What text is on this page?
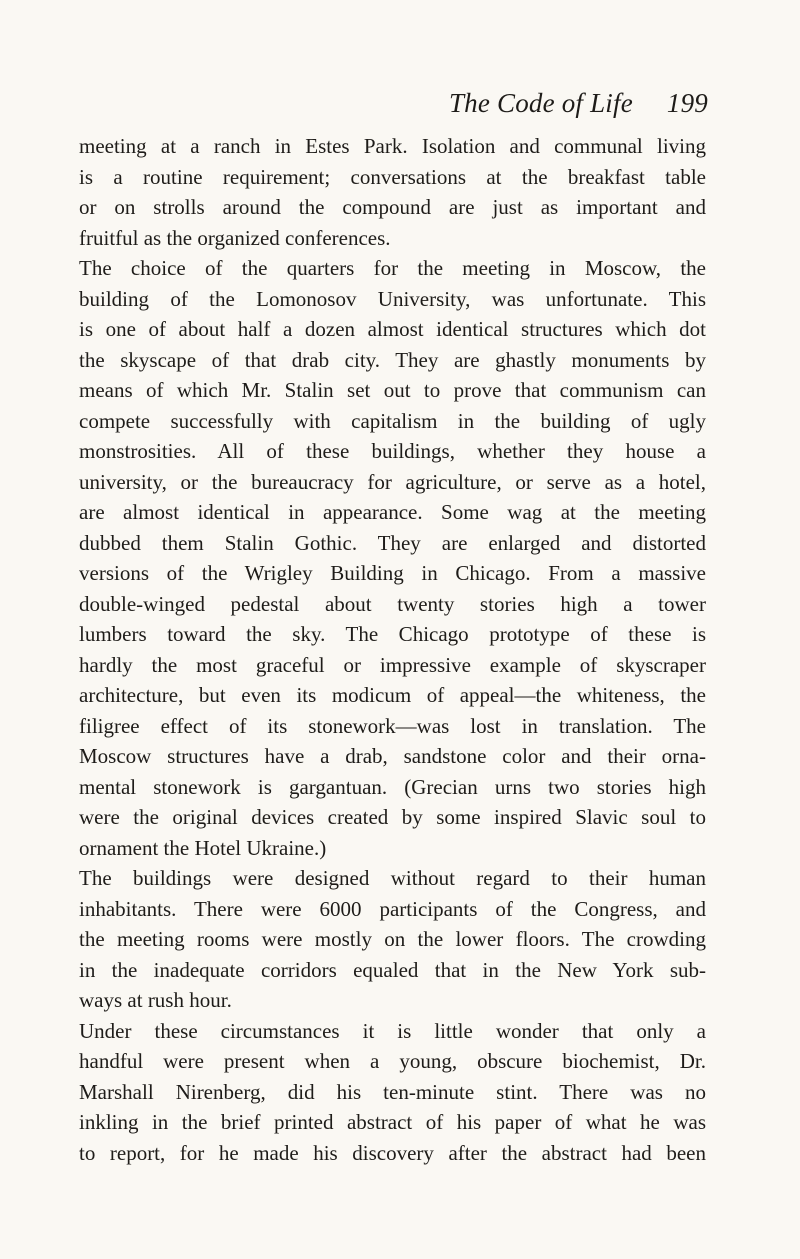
The Code of Life 199
meeting at a ranch in Estes Park. Isolation and communal living
is a routine requirement; conversations at the breakfast table
or on strolls around the compound are just as important and
fruitful as the organized conferences.
The choice of the quarters for the meeting in Moscow, the
building of the Lomonosov University, was unfortunate. This
is one of about half a dozen almost identical structures which dot
the skyscape of that drab city. They are ghastly monuments by
means of which Mr. Stalin set out to prove that communism can
compete successfully with capitalism in the building of ugly
monstrosities. All of these buildings, whether they house a
university, or the bureaucracy for agriculture, or serve as a hotel,
are almost identical in appearance. Some wag at the meeting
dubbed them Stalin Gothic. They are enlarged and distorted
versions of the Wrigley Building in Chicago. From a massive
double-winged pedestal about twenty stories high a tower
lumbers toward the sky. The Chicago prototype of these is
hardly the most graceful or impressive example of skyscraper
architecture, but even its modicum of appeal—the whiteness, the
filigree effect of its stonework—was lost in translation. The
Moscow structures have a drab, sandstone color and their orna-
mental stonework is gargantuan. (Grecian urns two stories high
were the original devices created by some inspired Slavic soul to
ornament the Hotel Ukraine.)
The buildings were designed without regard to their human
inhabitants. There were 6000 participants of the Congress, and
the meeting rooms were mostly on the lower floors. The crowding
in the inadequate corridors equaled that in the New York sub-
ways at rush hour.
Under these circumstances it is little wonder that only a
handful were present when a young, obscure biochemist, Dr.
Marshall Nirenberg, did his ten-minute stint. There was no
inkling in the brief printed abstract of his paper of what he was
to report, for he made his discovery after the abstract had been
